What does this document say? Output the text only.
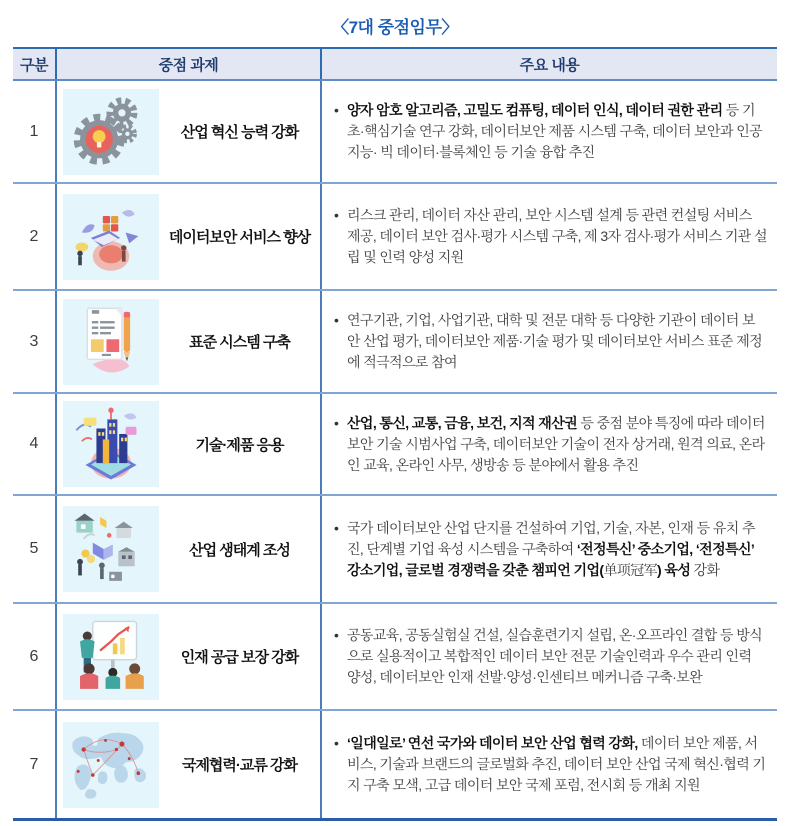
〈7대 중점임무〉
구분	중점 과제	주요 내용
1	산업 혁신 능력 강화
• 양자 암호 알고리즘, 고밀도 컴퓨팅, 데이터 인식, 데이터 권한 관리 등 기초·핵심기술 연구 강화, 데이터보안 제품 시스템 구축, 데이터 보안과 인공지능· 빅 데이터·블록체인 등 기술 융합 추진
2	데이터보안 서비스 향상
• 리스크 관리, 데이터 자산 관리, 보안 시스템 설계 등 관련 컨설팅 서비스 제공, 데이터 보안 검사·평가 시스템 구축, 제 3자 검사·평가 서비스 기관 설립 및 인력 양성 지원
3	표준 시스템 구축
• 연구기관, 기업, 사업기관, 대학 및 전문 대학 등 다양한 기관이 데이터 보안 산업 평가, 데이터보안 제품·기술 평가 및 데이터보안 서비스 표준 제정에 적극적으로 참여
4	기술·제품 응용
• 산업, 통신, 교통, 금융, 보건, 지적 재산권 등 중점 분야 특징에 따라 데이터보안 기술 시범사업 구축, 데이터보안 기술이 전자 상거래, 원격 의료, 온라인 교육, 온라인 사무, 생방송 등 분야에서 활용 추진
5	산업 생태계 조성
• 국가 데이터보안 산업 단지를 건설하여 기업, 기술, 자본, 인재 등 유치 추진, 단계별 기업 육성 시스템을 구축하여 ‘전정특신’ 중소기업, ‘전정특신’ 강소기업, 글로벌 경쟁력을 갖춘 챔피언 기업(单项冠军) 육성 강화
6	인재 공급 보장 강화
• 공동교육, 공동실험실 건설, 실습훈련기지 설립, 온·오프라인 결합 등 방식으로 실용적이고 복합적인 데이터 보안 전문 기술인력과 우수 관리 인력 양성, 데이터보안 인재 선발·양성·인센티브 메커니즘 구축·보완
7	국제협력·교류 강화
• ‘일대일로’ 연선 국가와 데이터 보안 산업 협력 강화, 데이터 보안 제품, 서비스, 기술과 브랜드의 글로벌화 추진, 데이터 보안 산업 국제 혁신·협력 기지 구축 모색, 고급 데이터 보안 국제 포럼, 전시회 등 개최 지원
